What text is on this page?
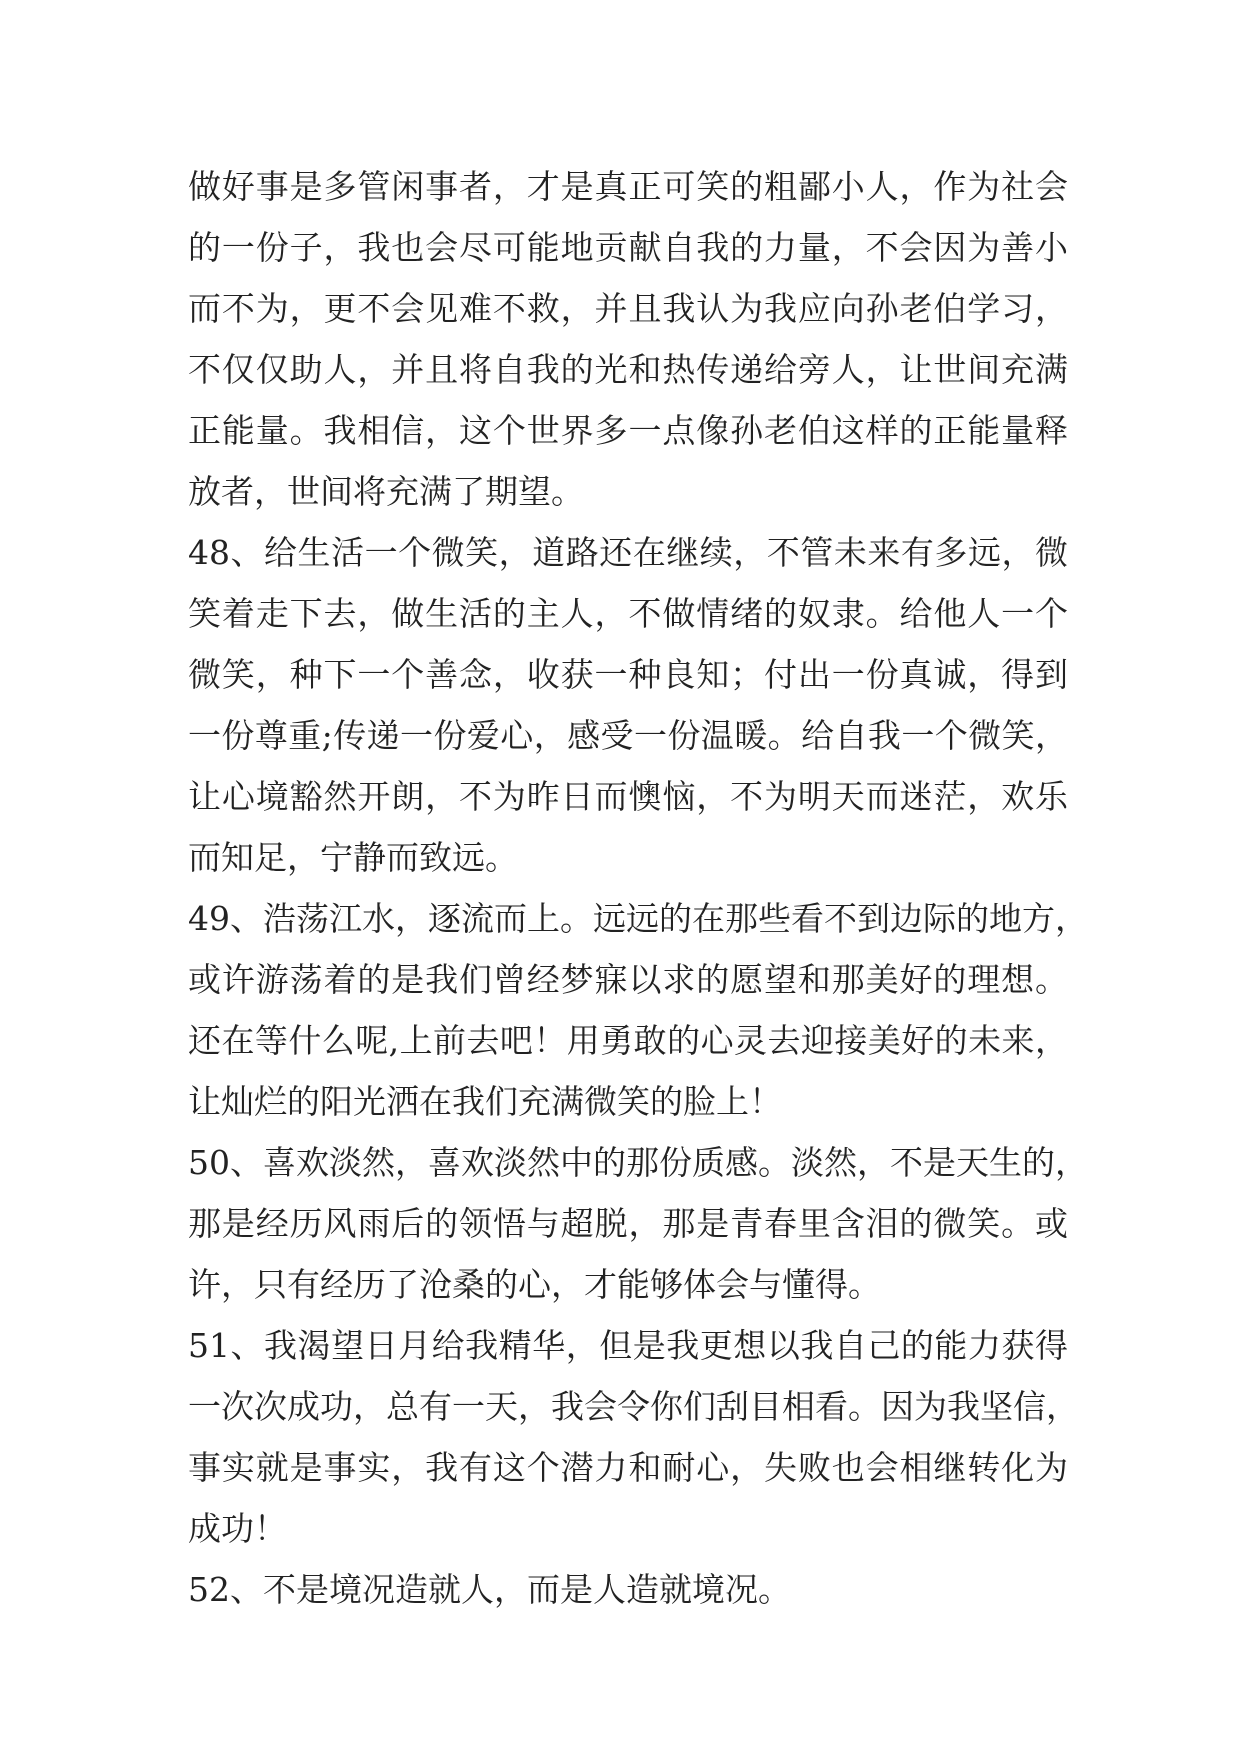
做好事是多管闲事者，才是真正可笑的粗鄙小人，作为社会
的一份子，我也会尽可能地贡献自我的力量，不会因为善小
而不为，更不会见难不救，并且我认为我应向孙老伯学习，
不仅仅助人，并且将自我的光和热传递给旁人，让世间充满
正能量。我相信，这个世界多一点像孙老伯这样的正能量释
放者，世间将充满了期望。
48、给生活一个微笑，道路还在继续，不管未来有多远，微
笑着走下去，做生活的主人，不做情绪的奴隶。给他人一个
微笑，种下一个善念，收获一种良知；付出一份真诚，得到
一份尊重;传递一份爱心，感受一份温暖。给自我一个微笑，
让心境豁然开朗，不为昨日而懊恼，不为明天而迷茫，欢乐
而知足，宁静而致远。
49、浩荡江水，逐流而上。远远的在那些看不到边际的地方，
或许游荡着的是我们曾经梦寐以求的愿望和那美好的理想。
还在等什么呢,上前去吧！用勇敢的心灵去迎接美好的未来，
让灿烂的阳光洒在我们充满微笑的脸上！
50、喜欢淡然，喜欢淡然中的那份质感。淡然，不是天生的，
那是经历风雨后的领悟与超脱，那是青春里含泪的微笑。或
许，只有经历了沧桑的心，才能够体会与懂得。
51、我渴望日月给我精华，但是我更想以我自己的能力获得
一次次成功，总有一天，我会令你们刮目相看。因为我坚信，
事实就是事实，我有这个潜力和耐心，失败也会相继转化为
成功！
52、不是境况造就人，而是人造就境况。
